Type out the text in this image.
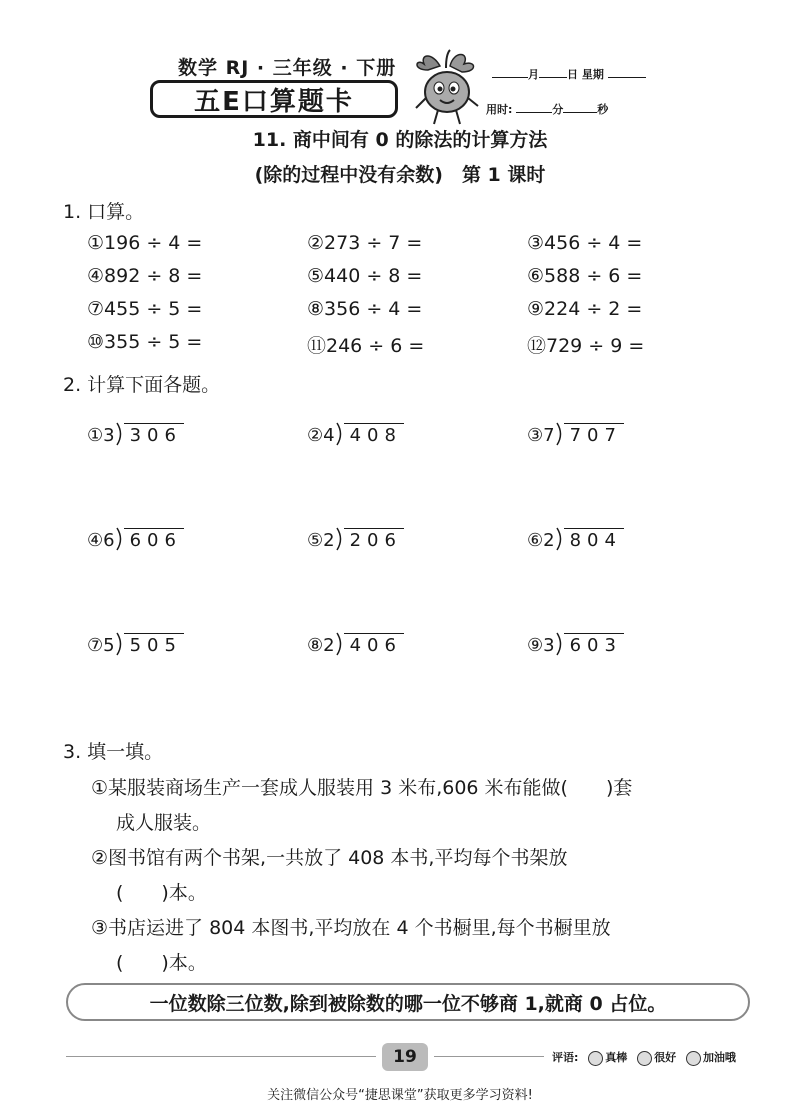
数学 RJ · 三年级 · 下册
五E口算题卡
月	日 星期
用时:	分	秒
11. 商中间有 0 的除法的计算方法
(除的过程中没有余数)　第 1 课时
1. 口算。
①196 ÷ 4 =	②273 ÷ 7 =	③456 ÷ 4 =
④892 ÷ 8 =	⑤440 ÷ 8 =	⑥588 ÷ 6 =
⑦455 ÷ 5 =	⑧356 ÷ 4 =	⑨224 ÷ 2 =
⑩355 ÷ 5 =	⑪246 ÷ 6 =	⑫729 ÷ 9 =
2. 计算下面各题。
① 3 306	② 4 408	③ 7 707
④ 6 606	⑤ 2 206	⑥ 2 804
⑦ 5 505	⑧ 2 406	⑨ 3 603
3. 填一填。
①某服装商场生产一套成人服装用 3 米布,606 米布能做(　　)套
成人服装。
②图书馆有两个书架,一共放了 408 本书,平均每个书架放
(　　)本。
③书店运进了 804 本图书,平均放在 4 个书橱里,每个书橱里放
(　　)本。
一位数除三位数,除到被除数的哪一位不够商 1,就商 0 占位。
19	评语: 真棒 很好 加油哦
关注微信公众号“捷思课堂”获取更多学习资料!
